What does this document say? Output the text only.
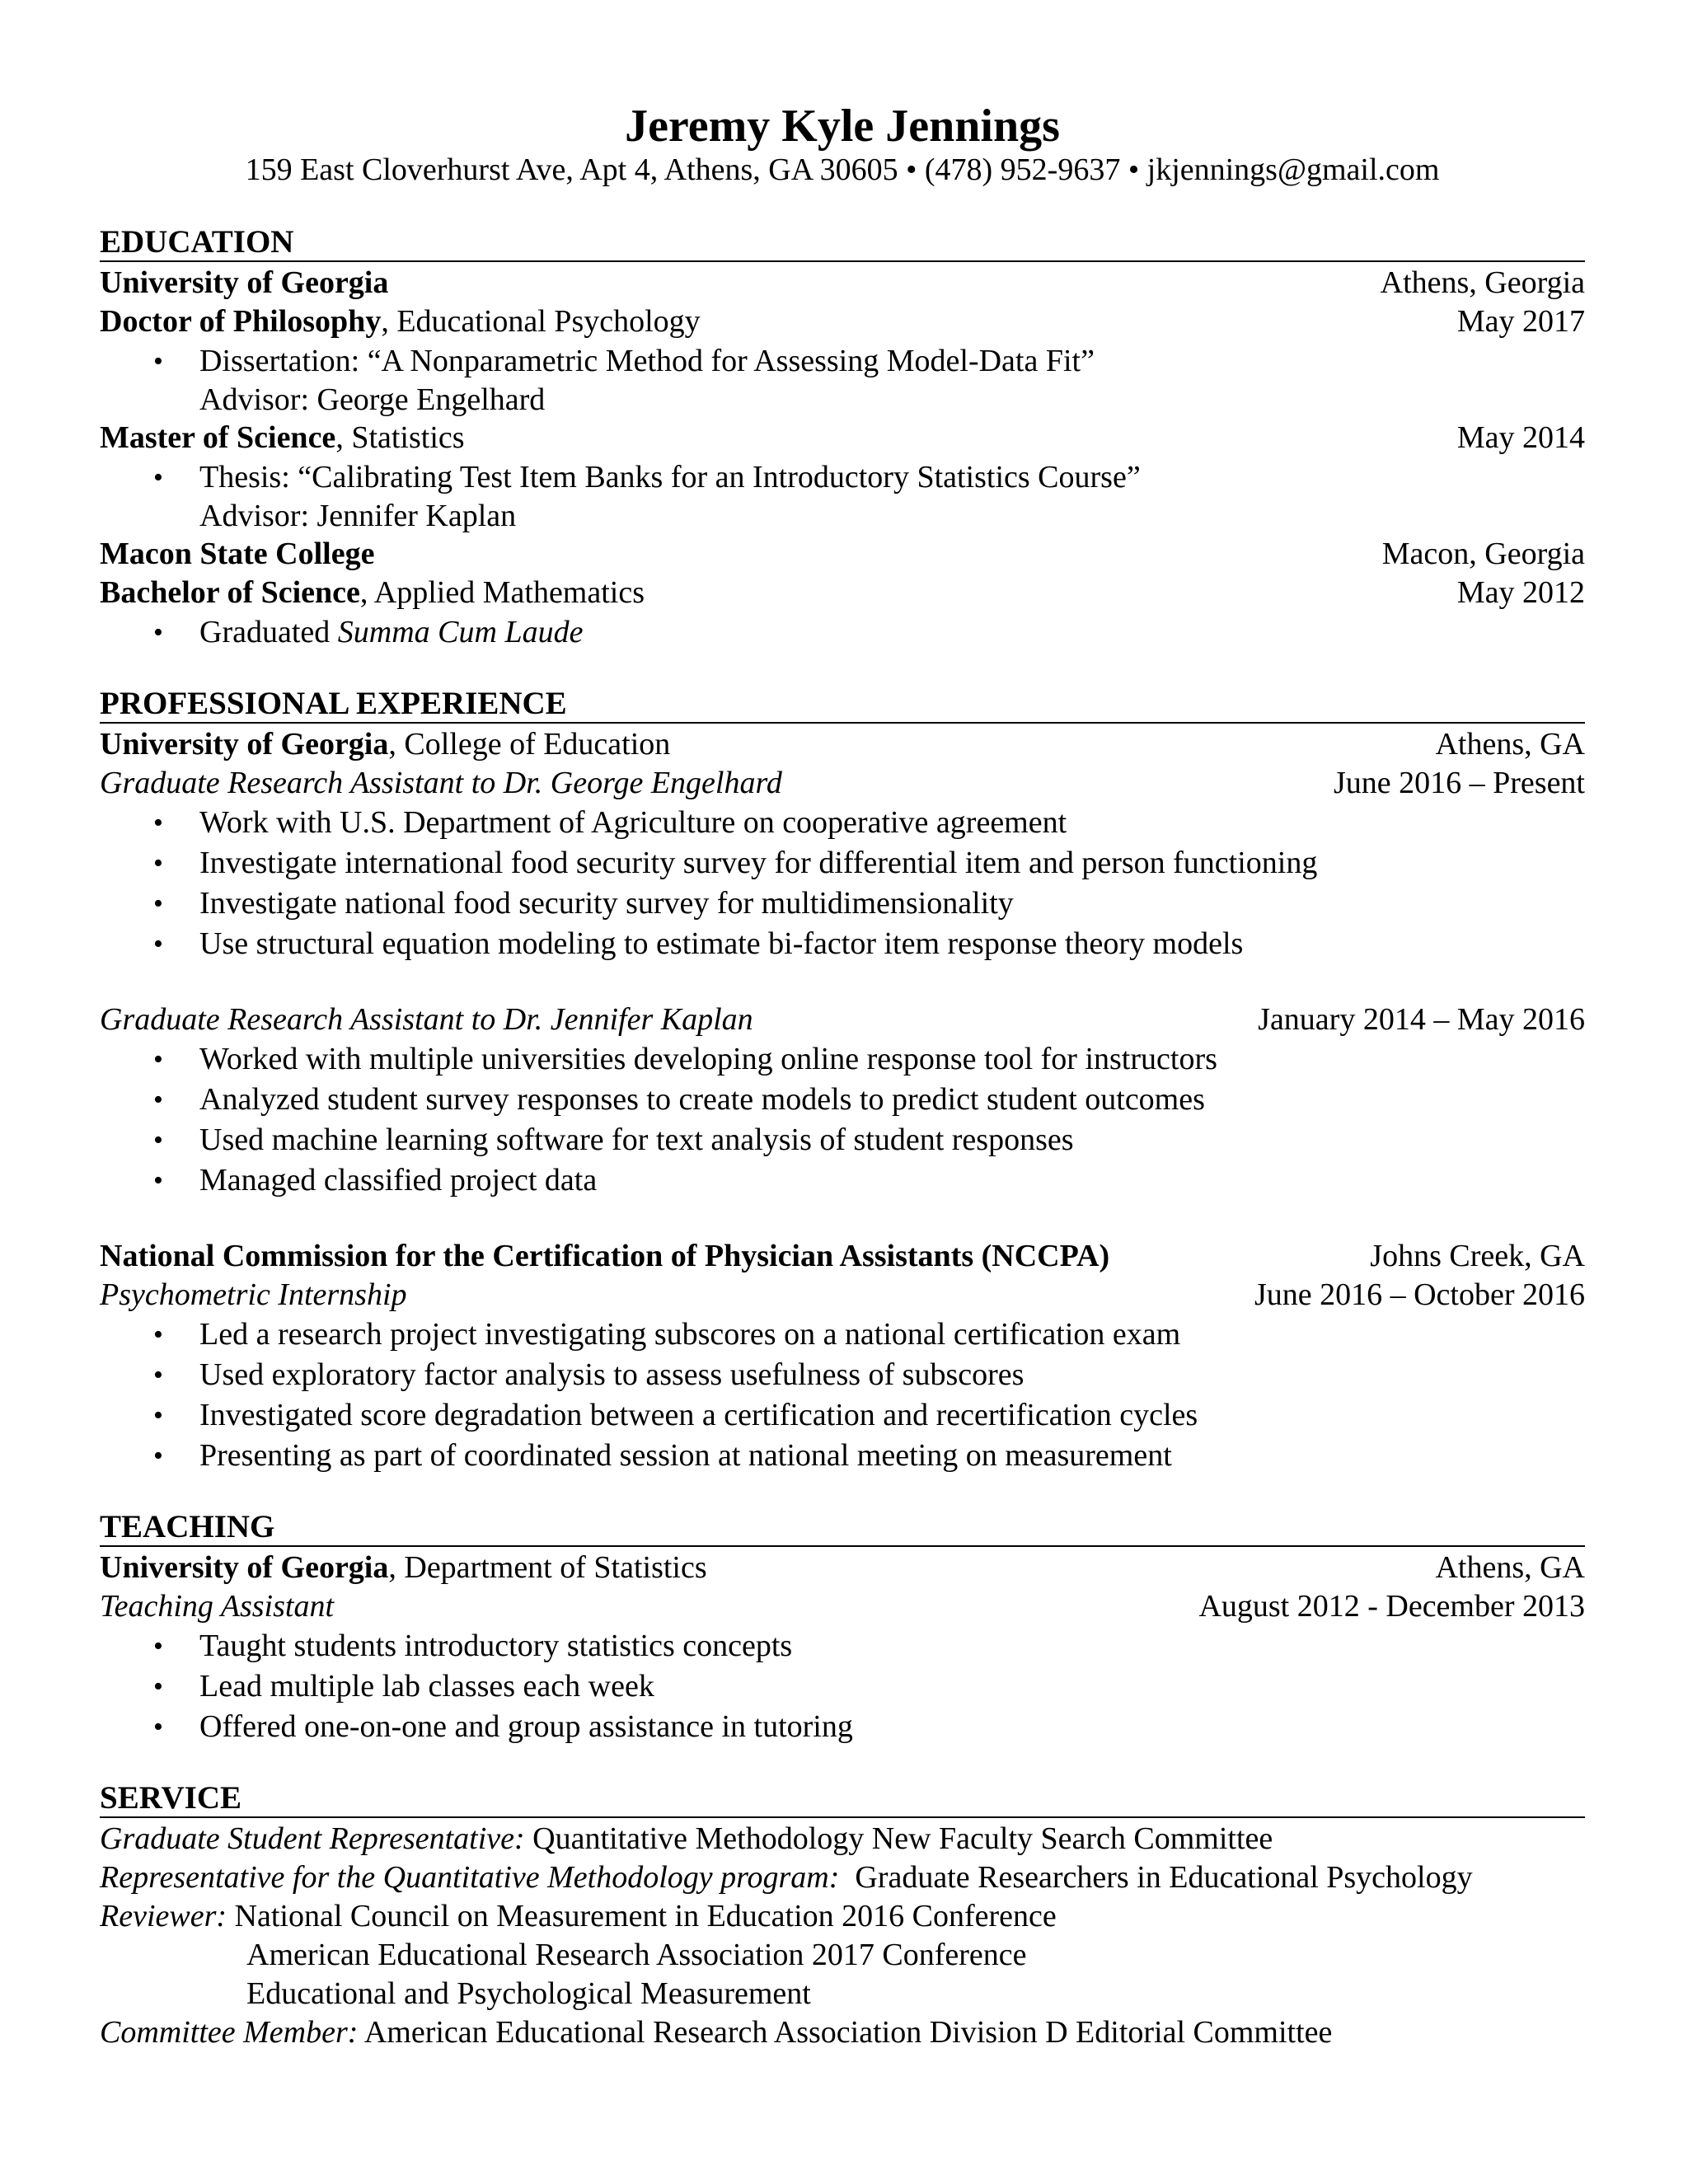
Jeremy Kyle Jennings
159 East Cloverhurst Ave, Apt 4, Athens, GA 30605 • (478) 952-9637 • jkjennings@gmail.com
EDUCATION
University of Georgia	Athens, Georgia
Doctor of Philosophy, Educational Psychology	May 2017
• Dissertation: “A Nonparametric Method for Assessing Model-Data Fit”
Advisor: George Engelhard
Master of Science, Statistics	May 2014
• Thesis: “Calibrating Test Item Banks for an Introductory Statistics Course”
Advisor: Jennifer Kaplan
Macon State College	Macon, Georgia
Bachelor of Science, Applied Mathematics	May 2012
• Graduated Summa Cum Laude
PROFESSIONAL EXPERIENCE
University of Georgia, College of Education	Athens, GA
Graduate Research Assistant to Dr. George Engelhard	June 2016 – Present
• Work with U.S. Department of Agriculture on cooperative agreement
• Investigate international food security survey for differential item and person functioning
• Investigate national food security survey for multidimensionality
• Use structural equation modeling to estimate bi-factor item response theory models
Graduate Research Assistant to Dr. Jennifer Kaplan	January 2014 – May 2016
• Worked with multiple universities developing online response tool for instructors
• Analyzed student survey responses to create models to predict student outcomes
• Used machine learning software for text analysis of student responses
• Managed classified project data
National Commission for the Certification of Physician Assistants (NCCPA)	Johns Creek, GA
Psychometric Internship	June 2016 – October 2016
• Led a research project investigating subscores on a national certification exam
• Used exploratory factor analysis to assess usefulness of subscores
• Investigated score degradation between a certification and recertification cycles
• Presenting as part of coordinated session at national meeting on measurement
TEACHING
University of Georgia, Department of Statistics	Athens, GA
Teaching Assistant	August 2012 - December 2013
• Taught students introductory statistics concepts
• Lead multiple lab classes each week
• Offered one-on-one and group assistance in tutoring
SERVICE
Graduate Student Representative: Quantitative Methodology New Faculty Search Committee
Representative for the Quantitative Methodology program:  Graduate Researchers in Educational Psychology
Reviewer: National Council on Measurement in Education 2016 Conference
American Educational Research Association 2017 Conference
Educational and Psychological Measurement
Committee Member: American Educational Research Association Division D Editorial Committee
